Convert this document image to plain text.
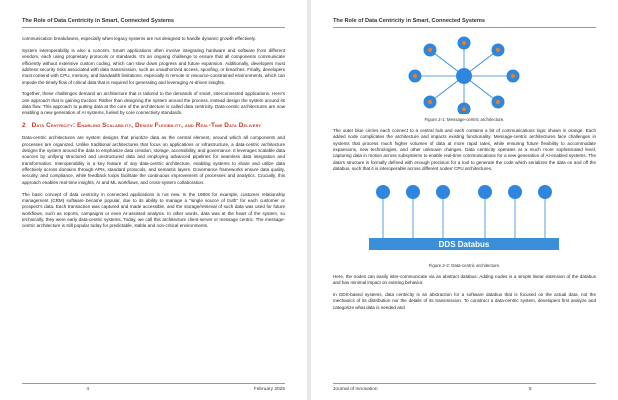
The Role of Data Centricity in Smart, Connected Systems

communication breakdowns, especially when legacy systems are not designed to handle dynamic growth effectively.

System interoperability is also a concern. Smart applications often involve integrating hardware and software from different vendors, each using proprietary protocols or standards. It's an ongoing challenge to ensure that all components communicate efficiently without extensive custom coding, which can slow down progress and future expansion. Additionally, developers must address security risks associated with data transmission, such as unauthorized access, spoofing, or breaches. Finally, developers must contend with CPU, memory, and bandwidth limitations, especially in remote or resource-constrained environments, which can impede the timely flow of critical data that is required for generating and leveraging AI-driven insights.

Together, these challenges demand an architecture that is tailored to the demands of smart, interconnected applications. Here's one approach that is gaining traction: Rather than designing the system around the process, instead design the system around its data flow. This approach to putting data at the core of the architecture is called data centricity. Data-centric architectures are now enabling a new generation of AI systems, fueled by core connectivity standards.

2 Data Centricity: Enabling Scalability, Design Flexibility, and Real-Time Data Delivery

Data-centric architectures are system designs that prioritize data as the central element, around which all components and processes are organized. Unlike traditional architectures that focus on applications or infrastructure, a data-centric architecture designs the system around the data to emphasize data creation, storage, accessibility, and governance. It leverages scalable data sources by unifying structured and unstructured data and employing advanced pipelines for seamless data integration and transformation. Interoperability is a key feature of any data-centric architecture, enabling systems to share and utilize data effectively across domains through APIs, standard protocols, and semantic layers. Governance frameworks ensure data quality, security, and compliance, while feedback loops facilitate the continuous improvement of processes and analytics. Crucially, this approach enables real-time insights, AI and ML workflows, and cross-system collaboration.

The basic concept of data centricity in connected applications is not new. In the 1980s for example, customer relationship management (CRM) software became popular, due to its ability to manage a "single source of truth" for each customer or prospect's data. Each transaction was captured and made accessible, and the storage/retrieval of such data was used for future workflows, such as reports, campaigns or even AI-assisted analysis. In other words, data was at the heart of the system, so technically, they were early data-centric systems. Today, we call this architecture client-server or message centric. The message-centric architecture is still popular today for predictable, stable and non-critical environments.

4	February 2025
The Role of Data Centricity in Smart, Connected Systems
Figure 2-1: Message-centric architecture.

The outer blue circles each connect to a central hub and each contains a bit of communications logic shown in orange. Each added node complicates the architecture and impacts existing functionality. Message-centric architectures face challenges in systems that process much higher volumes of data at more rapid rates, while ensuring future flexibility to accommodate expansions, new technologies, and other unknown changes. Data centricity operates at a much more sophisticated level, capturing data in motion across subsystems to enable real-time communications for a new generation of AI-enabled systems. The data's structure is formally defined with enough precision for a tool to generate the code which serializes the data on and off the databus, such that it is interoperable across different nodes' CPU architectures.

DDS Databus
Figure 2-2: Data-centric architecture.

Here, the nodes can easily inter-communicate via an abstract databus. Adding nodes is a simple linear extension of the databus and has minimal impact on existing behavior.

In DDS-based systems, data centricity is an abstraction for a software databus that is focused on the actual data, not the mechanics of its distribution nor the details of its transmission. To construct a data-centric system, developers first analyze and categorize what data is needed and

Journal of Innovation	5
